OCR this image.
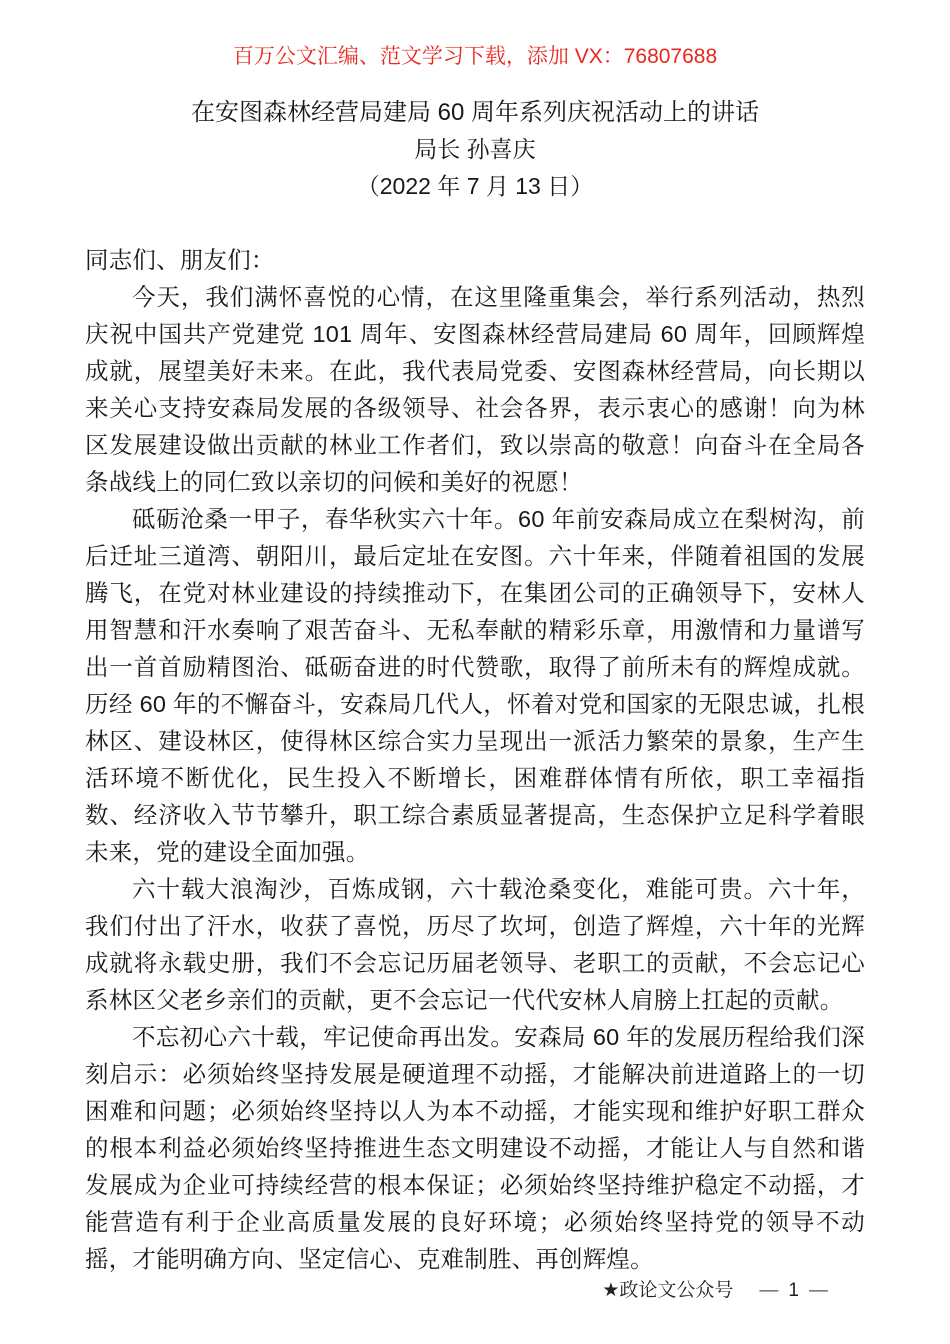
百万公文汇编、范文学习下载，添加 VX：76807688
在安图森林经营局建局 60 周年系列庆祝活动上的讲话
局长 孙喜庆
（2022 年 7 月 13 日）

同志们、朋友们：

今天，我们满怀喜悦的心情，在这里隆重集会，举行系列活动，热烈庆祝中国共产党建党 101 周年、安图森林经营局建局 60 周年，回顾辉煌成就，展望美好未来。在此，我代表局党委、安图森林经营局，向长期以来关心支持安森局发展的各级领导、社会各界，表示衷心的感谢！向为林区发展建设做出贡献的林业工作者们，致以崇高的敬意！向奋斗在全局各条战线上的同仁致以亲切的问候和美好的祝愿！

砥砺沧桑一甲子，春华秋实六十年。60 年前安森局成立在梨树沟，前后迁址三道湾、朝阳川，最后定址在安图。六十年来，伴随着祖国的发展腾飞，在党对林业建设的持续推动下，在集团公司的正确领导下，安林人用智慧和汗水奏响了艰苦奋斗、无私奉献的精彩乐章，用激情和力量谱写出一首首励精图治、砥砺奋进的时代赞歌，取得了前所未有的辉煌成就。历经 60 年的不懈奋斗，安森局几代人，怀着对党和国家的无限忠诚，扎根林区、建设林区，使得林区综合实力呈现出一派活力繁荣的景象，生产生活环境不断优化，民生投入不断增长，困难群体情有所依，职工幸福指数、经济收入节节攀升，职工综合素质显著提高，生态保护立足科学着眼未来，党的建设全面加强。

六十载大浪淘沙，百炼成钢，六十载沧桑变化，难能可贵。六十年，我们付出了汗水，收获了喜悦，历尽了坎坷，创造了辉煌，六十年的光辉成就将永载史册，我们不会忘记历届老领导、老职工的贡献，不会忘记心系林区父老乡亲们的贡献，更不会忘记一代代安林人肩膀上扛起的贡献。

不忘初心六十载，牢记使命再出发。安森局 60 年的发展历程给我们深刻启示：必须始终坚持发展是硬道理不动摇，才能解决前进道路上的一切困难和问题；必须始终坚持以人为本不动摇，才能实现和维护好职工群众的根本利益必须始终坚持推进生态文明建设不动摇，才能让人与自然和谐发展成为企业可持续经营的根本保证；必须始终坚持维护稳定不动摇，才能营造有利于企业高质量发展的良好环境；必须始终坚持党的领导不动摇，才能明确方向、坚定信心、克难制胜、再创辉煌。

★政论文公众号 — 1 —
